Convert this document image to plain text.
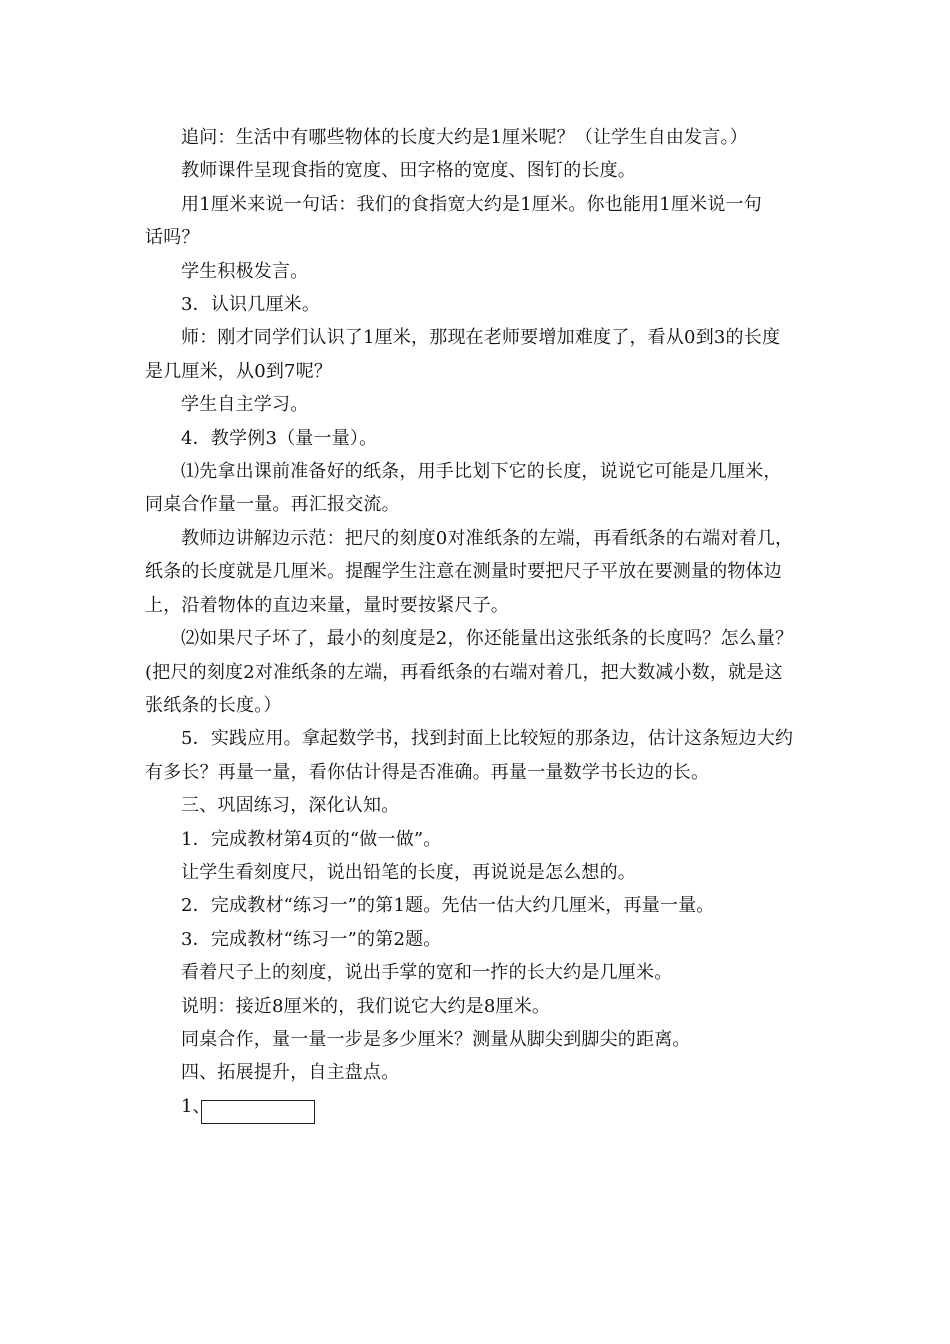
追问：生活中有哪些物体的长度大约是1厘米呢？（让学生自由发言。）

教师课件呈现食指的宽度、田字格的宽度、图钉的长度。

用1厘米来说一句话：我们的食指宽大约是1厘米。你也能用1厘米说一句

话吗？

学生积极发言。

3．认识几厘米。

师：刚才同学们认识了1厘米，那现在老师要增加难度了，看从0到3的长度

是几厘米，从0到7呢？

学生自主学习。

4．教学例3（量一量）。

⑴先拿出课前准备好的纸条，用手比划下它的长度，说说它可能是几厘米，

同桌合作量一量。再汇报交流。

教师边讲解边示范：把尺的刻度0对准纸条的左端，再看纸条的右端对着几，

纸条的长度就是几厘米。提醒学生注意在测量时要把尺子平放在要测量的物体边

上，沿着物体的直边来量，量时要按紧尺子。

⑵如果尺子坏了，最小的刻度是2，你还能量出这张纸条的长度吗？怎么量？

(把尺的刻度2对准纸条的左端，再看纸条的右端对着几，把大数减小数，就是这

张纸条的长度。）

5．实践应用。拿起数学书，找到封面上比较短的那条边，估计这条短边大约

有多长？再量一量，看你估计得是否准确。再量一量数学书长边的长。

三、巩固练习，深化认知。

1．完成教材第4页的“做一做”。

让学生看刻度尺，说出铅笔的长度，再说说是怎么想的。

2．完成教材“练习一”的第1题。先估一估大约几厘米，再量一量。

3．完成教材“练习一”的第2题。

看着尺子上的刻度，说出手掌的宽和一拃的长大约是几厘米。

说明：接近8厘米的，我们说它大约是8厘米。

同桌合作，量一量一步是多少厘米？测量从脚尖到脚尖的距离。

四、拓展提升，自主盘点。

1、
